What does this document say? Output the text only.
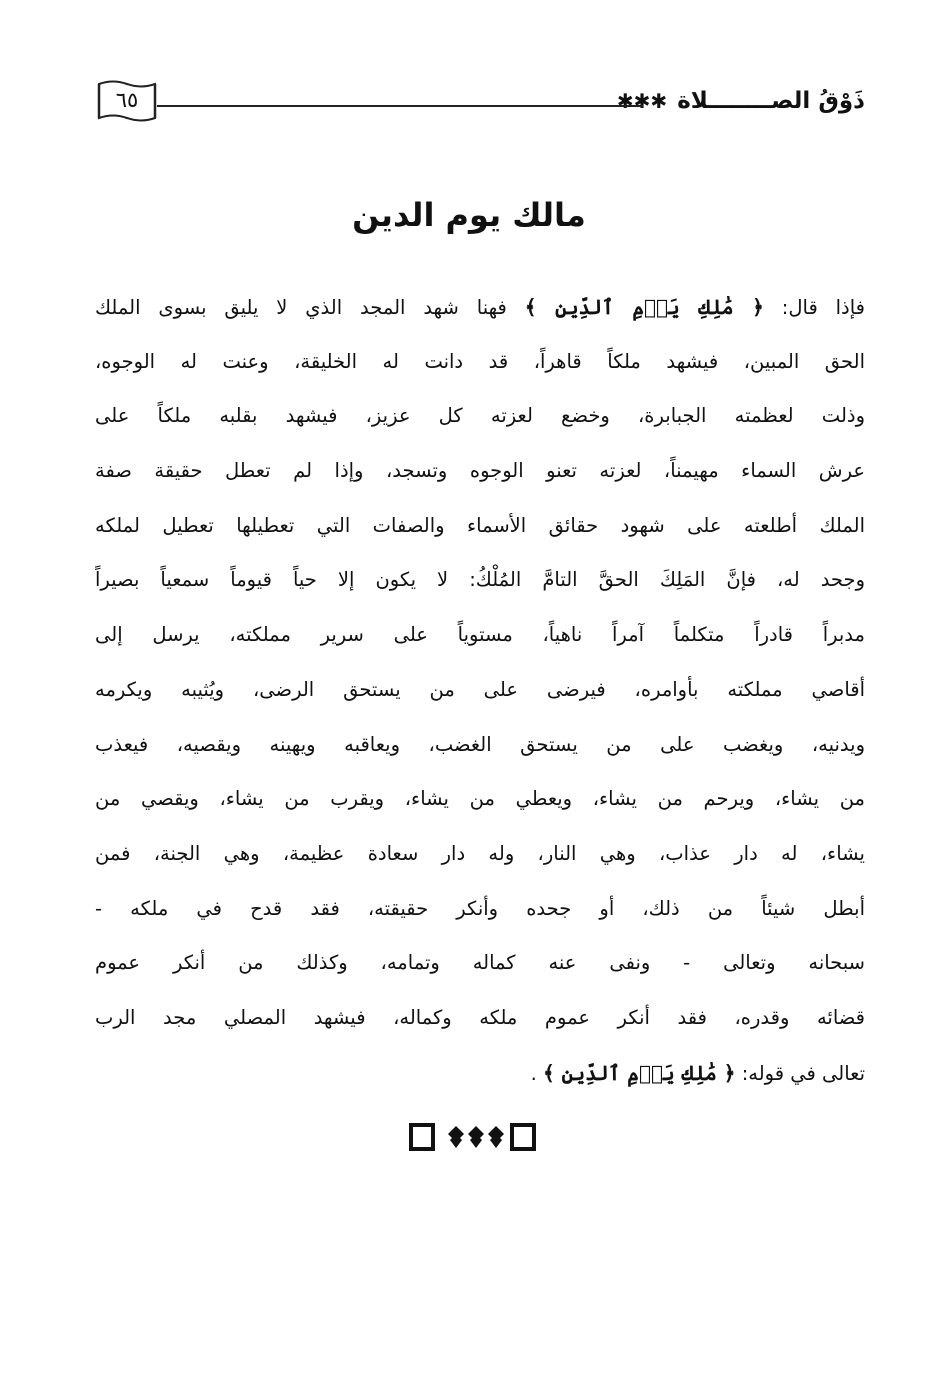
ذَوْقُ الصــــــــلاة ✱✱✱
٦٥
مالك يوم الدين
فإذا قال: ﴿ مَٰلِكِ يَوۡمِ ٱلدِّينِ ﴾ فهنا شهد المجد الذي لا يليق بسوى الملك
الحق المبين، فيشهد ملكاً قاهراً، قد دانت له الخليقة، وعنت له الوجوه،
وذلت لعظمته الجبابرة، وخضع لعزته كل عزيز، فيشهد بقلبه ملكاً على
عرش السماء مهيمناً، لعزته تعنو الوجوه وتسجد، وإذا لم تعطل حقيقة صفة
الملك أطلعته على شهود حقائق الأسماء والصفات التي تعطيلها تعطيل لملكه
وجحد له، فإنَّ المَلِكَ الحقَّ التامَّ المُلْكُ: لا يكون إلا حياً قيوماً سمعياً بصيراً
مدبراً قادراً متكلماً آمراً ناهياً، مستوياً على سرير مملكته، يرسل إلى
أقاصي مملكته بأوامره، فيرضى على من يستحق الرضى، ويُثيبه ويكرمه
ويدنيه، ويغضب على من يستحق الغضب، ويعاقبه ويهينه ويقصيه، فيعذب
من يشاء، ويرحم من يشاء، ويعطي من يشاء، ويقرب من يشاء، ويقصي من
يشاء، له دار عذاب، وهي النار، وله دار سعادة عظيمة، وهي الجنة، فمن
أبطل شيئاً من ذلك، أو جحده وأنكر حقيقته، فقد قدح في ملكه -
سبحانه وتعالى - ونفى عنه كماله وتمامه، وكذلك من أنكر عموم
قضائه وقدره، فقد أنكر عموم ملكه وكماله، فيشهد المصلي مجد الرب
تعالى في قوله: ﴿ مَٰلِكِ يَوۡمِ ٱلدِّينِ ﴾ .
